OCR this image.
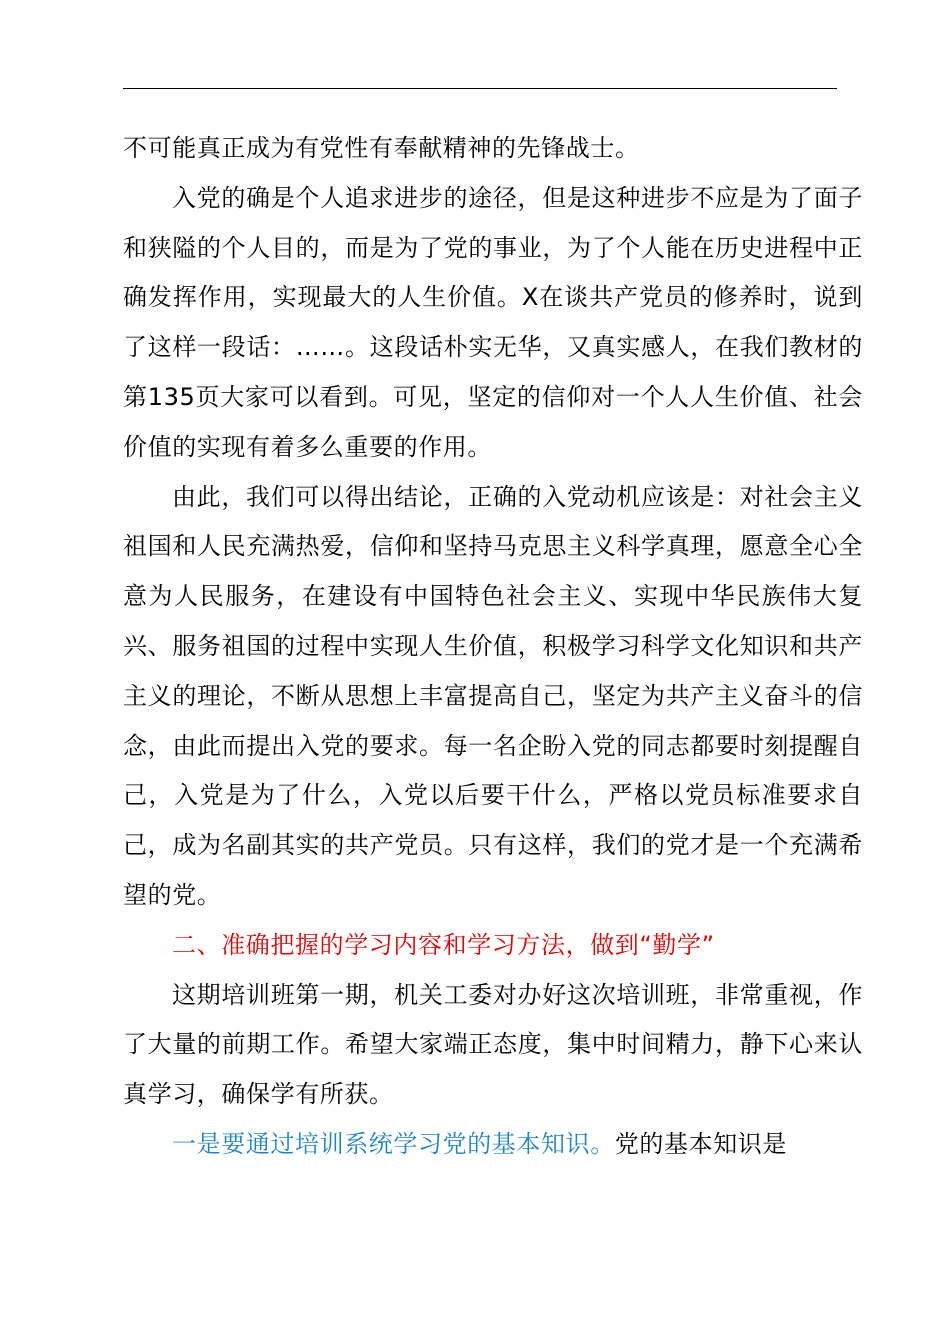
不可能真正成为有党性有奉献精神的先锋战士。

入党的确是个人追求进步的途径，但是这种进步不应是为了面子和狭隘的个人目的，而是为了党的事业，为了个人能在历史进程中正确发挥作用，实现最大的人生价值。X在谈共产党员的修养时，说到了这样一段话：……。这段话朴实无华，又真实感人，在我们教材的第135页大家可以看到。可见，坚定的信仰对一个人人生价值、社会价值的实现有着多么重要的作用。

由此，我们可以得出结论，正确的入党动机应该是：对社会主义祖国和人民充满热爱，信仰和坚持马克思主义科学真理，愿意全心全意为人民服务，在建设有中国特色社会主义、实现中华民族伟大复兴、服务祖国的过程中实现人生价值，积极学习科学文化知识和共产主义的理论，不断从思想上丰富提高自己，坚定为共产主义奋斗的信念，由此而提出入党的要求。每一名企盼入党的同志都要时刻提醒自己，入党是为了什么，入党以后要干什么，严格以党员标准要求自己，成为名副其实的共产党员。只有这样，我们的党才是一个充满希望的党。

二、准确把握的学习内容和学习方法，做到“勤学”

这期培训班第一期，机关工委对办好这次培训班，非常重视，作了大量的前期工作。希望大家端正态度，集中时间精力，静下心来认真学习，确保学有所获。

一是要通过培训系统学习党的基本知识。党的基本知识是
